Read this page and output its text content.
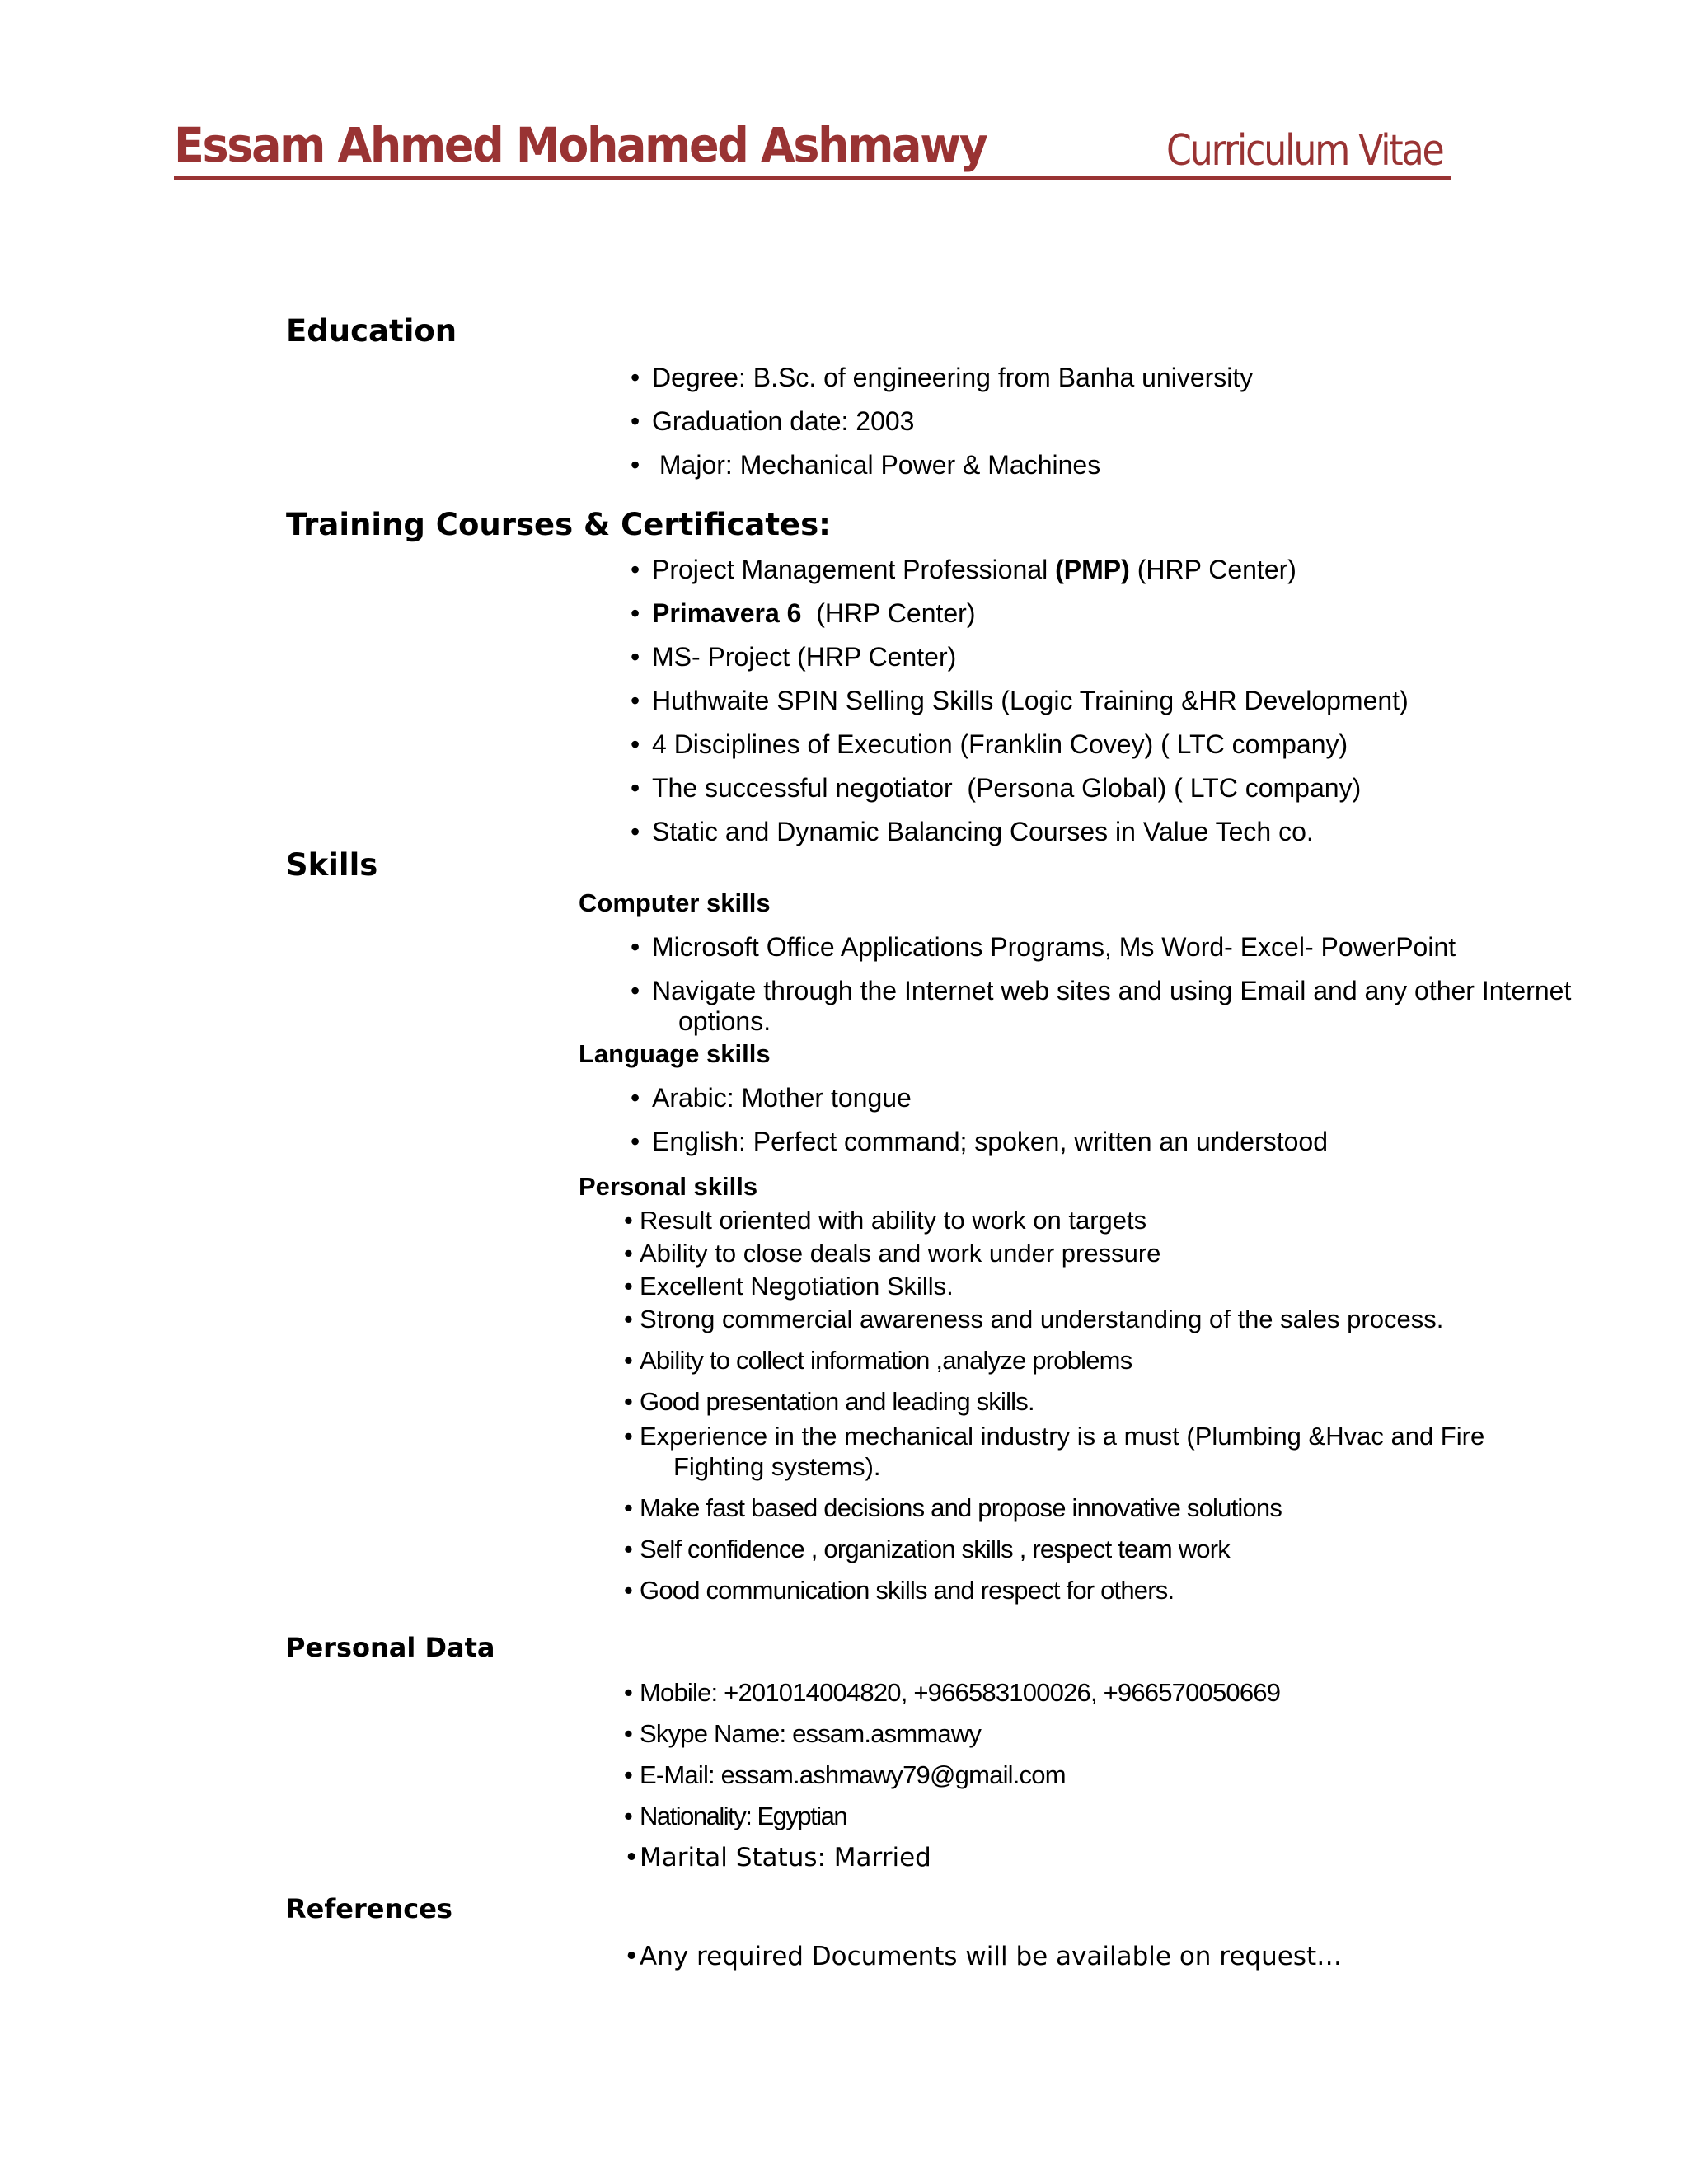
Essam Ahmed Mohamed Ashmawy	Curriculum Vitae
Education
• Degree: B.Sc. of engineering from Banha university
• Graduation date: 2003
• Major: Mechanical Power & Machines
Training Courses & Certificates:
• Project Management Professional (PMP) (HRP Center)
• Primavera 6  (HRP Center)
• MS- Project (HRP Center)
• Huthwaite SPIN Selling Skills (Logic Training &HR Development)
• 4 Disciplines of Execution (Franklin Covey) ( LTC company)
• The successful negotiator  (Persona Global) ( LTC company)
• Static and Dynamic Balancing Courses in Value Tech co.
Skills
Computer skills
• Microsoft Office Applications Programs, Ms Word- Excel- PowerPoint
• Navigate through the Internet web sites and using Email and any other Internet
options.
Language skills
• Arabic: Mother tongue
• English: Perfect command; spoken, written an understood
Personal skills
• Result oriented with ability to work on targets
• Ability to close deals and work under pressure
• Excellent Negotiation Skills.
• Strong commercial awareness and understanding of the sales process.
• Ability to collect information ,analyze problems
• Good presentation and leading skills.
• Experience in the mechanical industry is a must (Plumbing &Hvac and Fire
Fighting systems).
• Make fast based decisions and propose innovative solutions
• Self confidence , organization skills , respect team work
• Good communication skills and respect for others.
Personal Data
• Mobile: +201014004820, +966583100026, +966570050669
• Skype Name: essam.asmmawy
• E-Mail: essam.ashmawy79@gmail.com
• Nationality: Egyptian
•Marital Status: Married
References
•Any required Documents will be available on request…
